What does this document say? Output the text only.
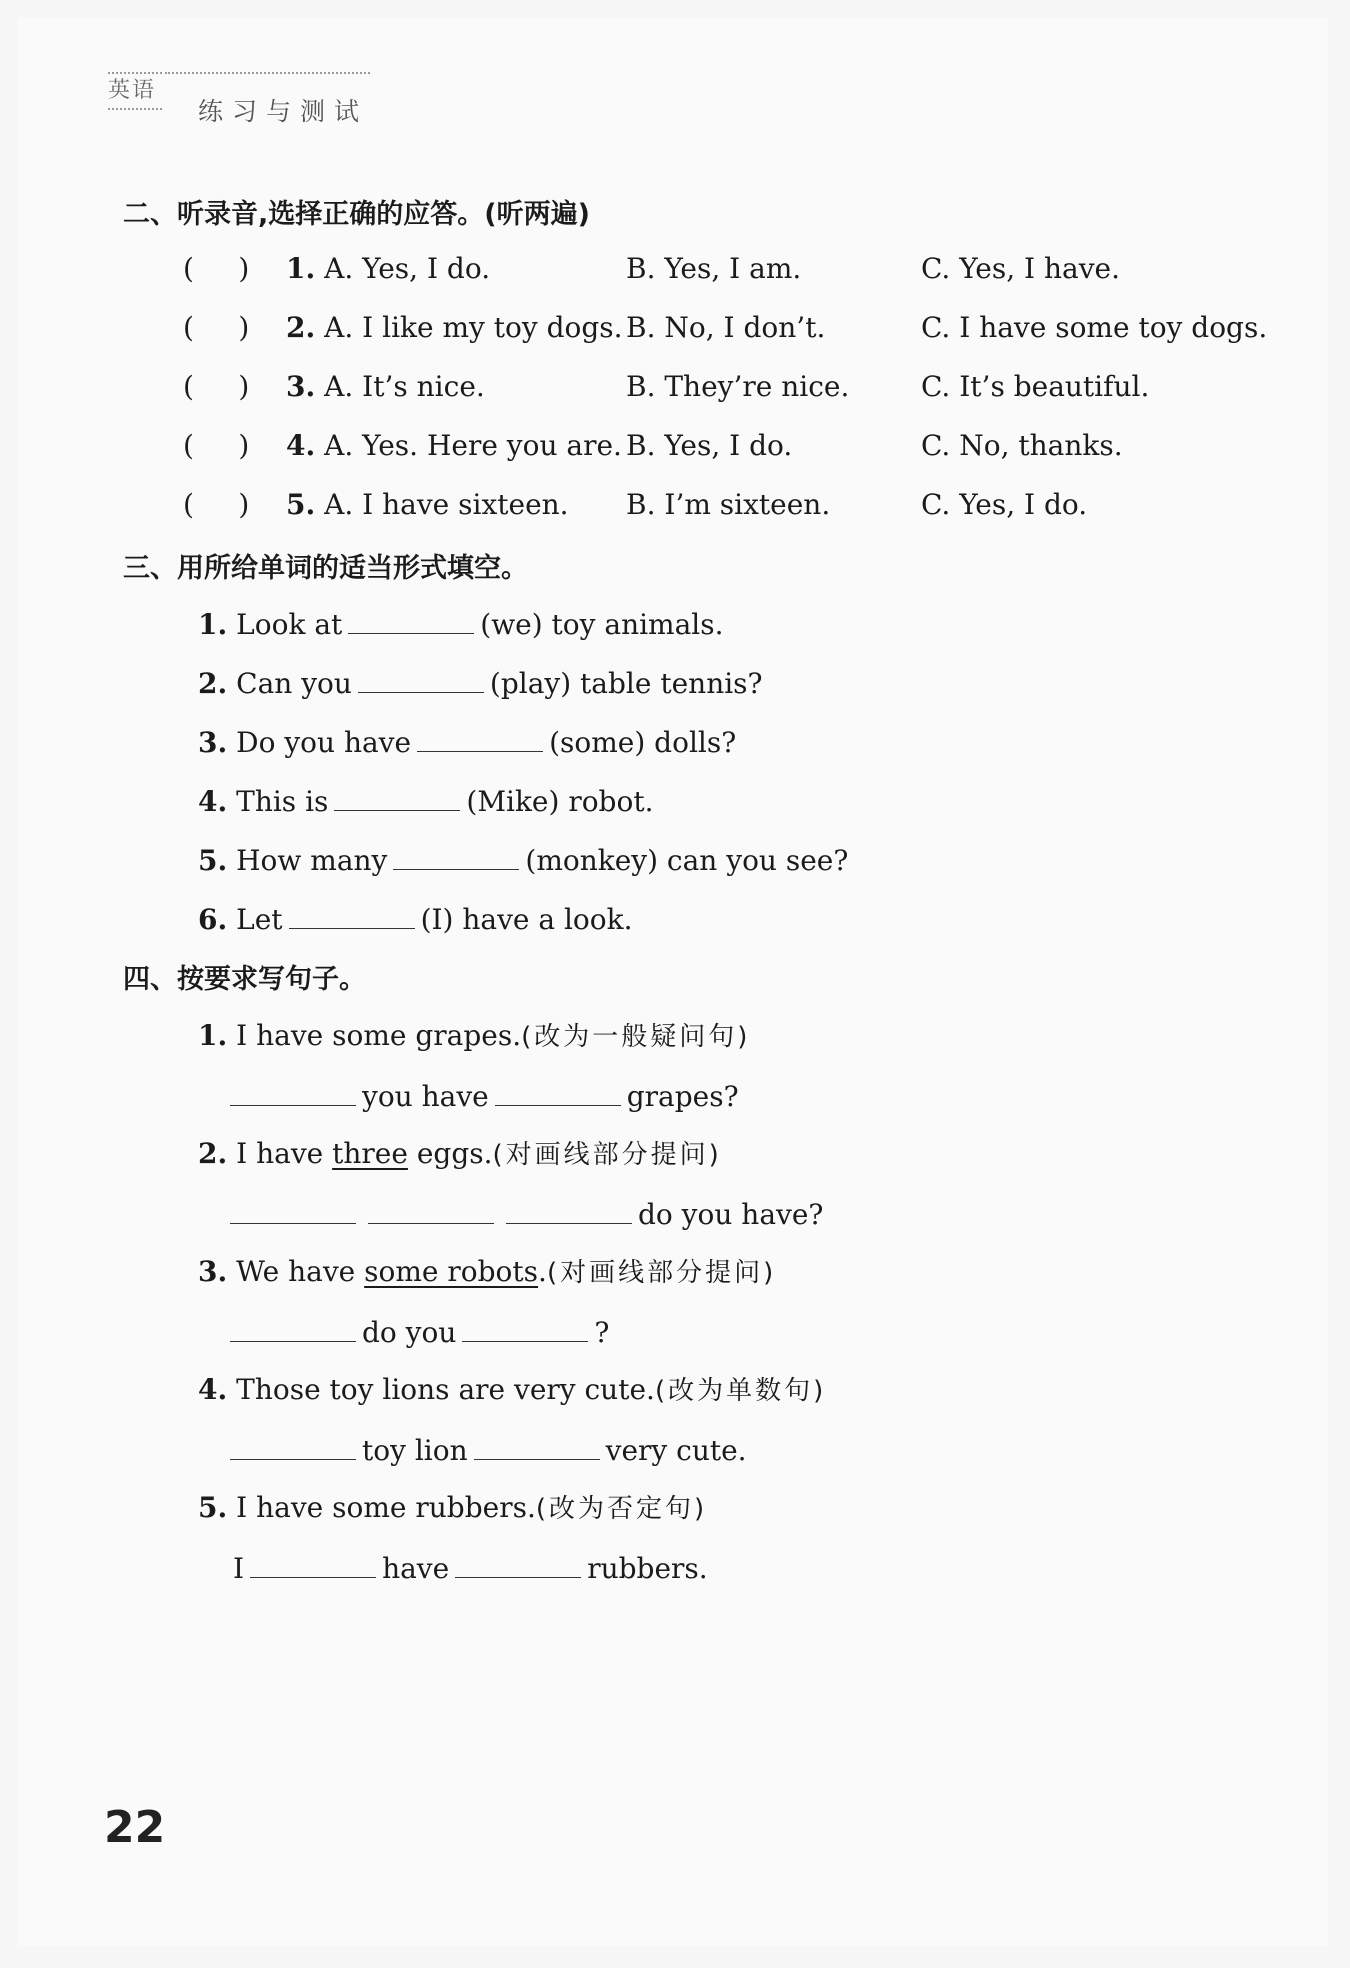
英语
练习与测试
二、听录音,选择正确的应答。(听两遍)
(     ) 1. A. Yes, I do.	B. Yes, I am.	C. Yes, I have.
(     ) 2. A. I like my toy dogs. B. No, I don’t.	C. I have some toy dogs.
(     ) 3. A. It’s nice.	B. They’re nice.	C. It’s beautiful.
(     ) 4. A. Yes. Here you are. B. Yes, I do.	C. No, thanks.
(     ) 5. A. I have sixteen. B. I’m sixteen.	C. Yes, I do.
三、用所给单词的适当形式填空。
1. Look at	(we) toy animals.
2. Can you	(play) table tennis?
3. Do you have	(some) dolls?
4. This is	(Mike) robot.
5. How many	(monkey) can you see?
6. Let	(I) have a look.
四、按要求写句子。
1. I have some grapes.(改为一般疑问句)
you have	grapes?
2. I have three eggs.(对画线部分提问)
do you have?
3. We have some robots.(对画线部分提问)
do you	?
4. Those toy lions are very cute.(改为单数句)
toy lion	very cute.
5. I have some rubbers.(改为否定句)
I	have	rubbers.
22
